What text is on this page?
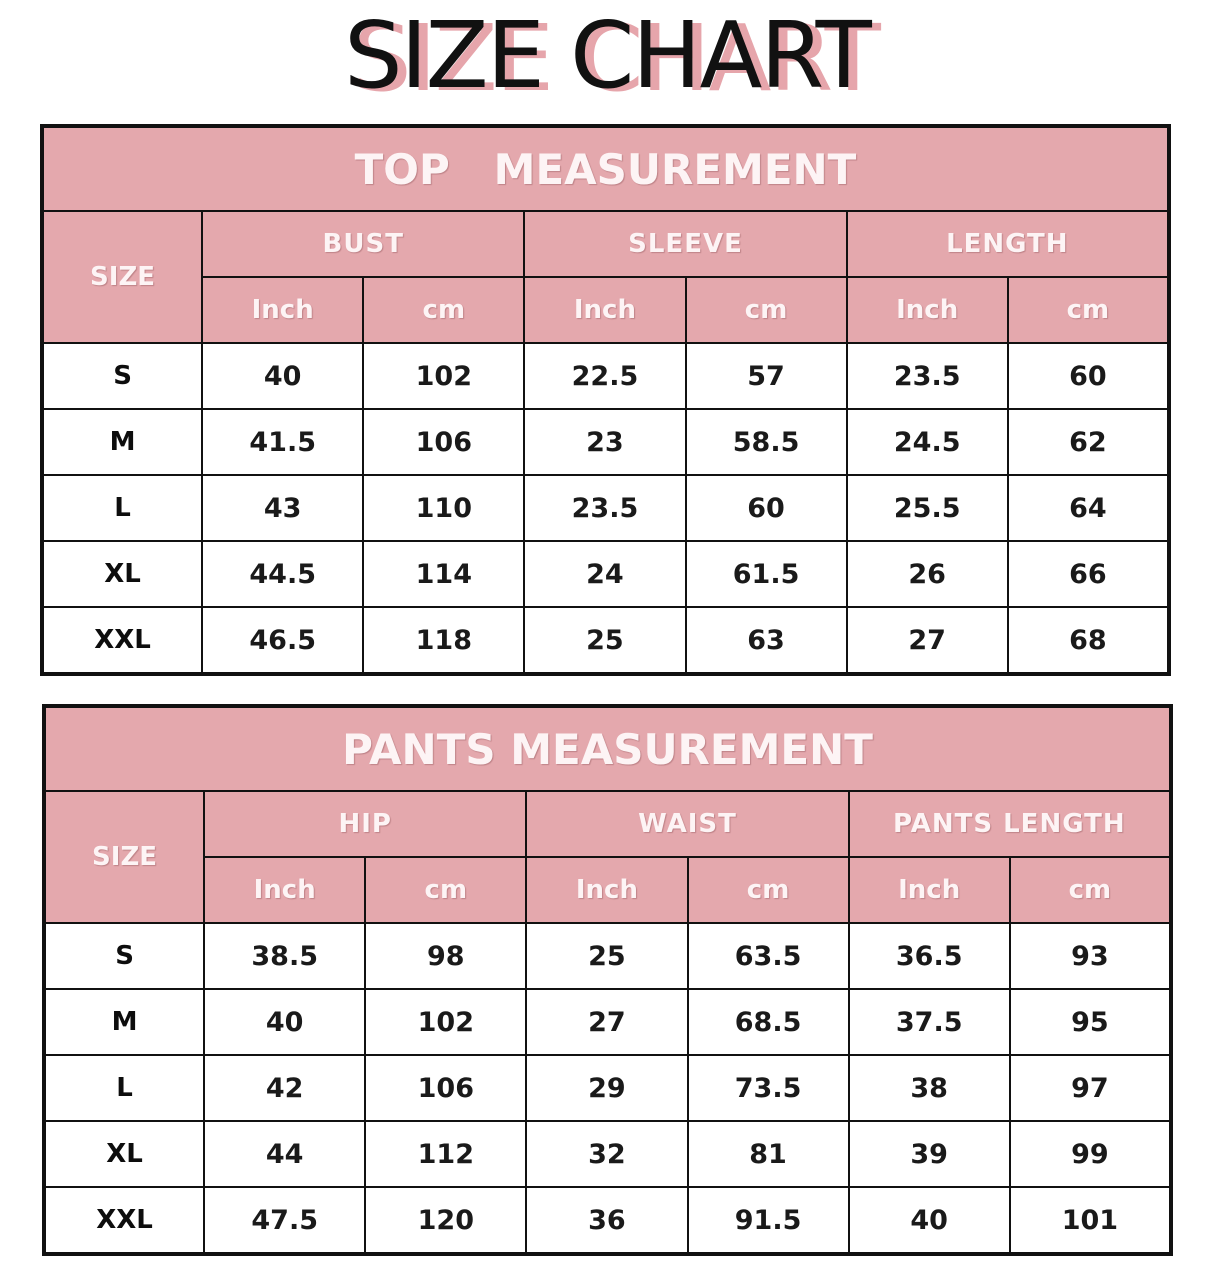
SIZE CHART
TOP   MEASUREMENT						
SIZE	BUST		SLEEVE		LENGTH	
	Inch	cm	Inch	cm	Inch	cm
S	40	102	22.5	57	23.5	60
M	41.5	106	23	58.5	24.5	62
L	43	110	23.5	60	25.5	64
XL	44.5	114	24	61.5	26	66
XXL	46.5	118	25	63	27	68
PANTS MEASUREMENT						
SIZE	HIP		WAIST		PANTS LENGTH	
	Inch	cm	Inch	cm	Inch	cm
S	38.5	98	25	63.5	36.5	93
M	40	102	27	68.5	37.5	95
L	42	106	29	73.5	38	97
XL	44	112	32	81	39	99
XXL	47.5	120	36	91.5	40	101
